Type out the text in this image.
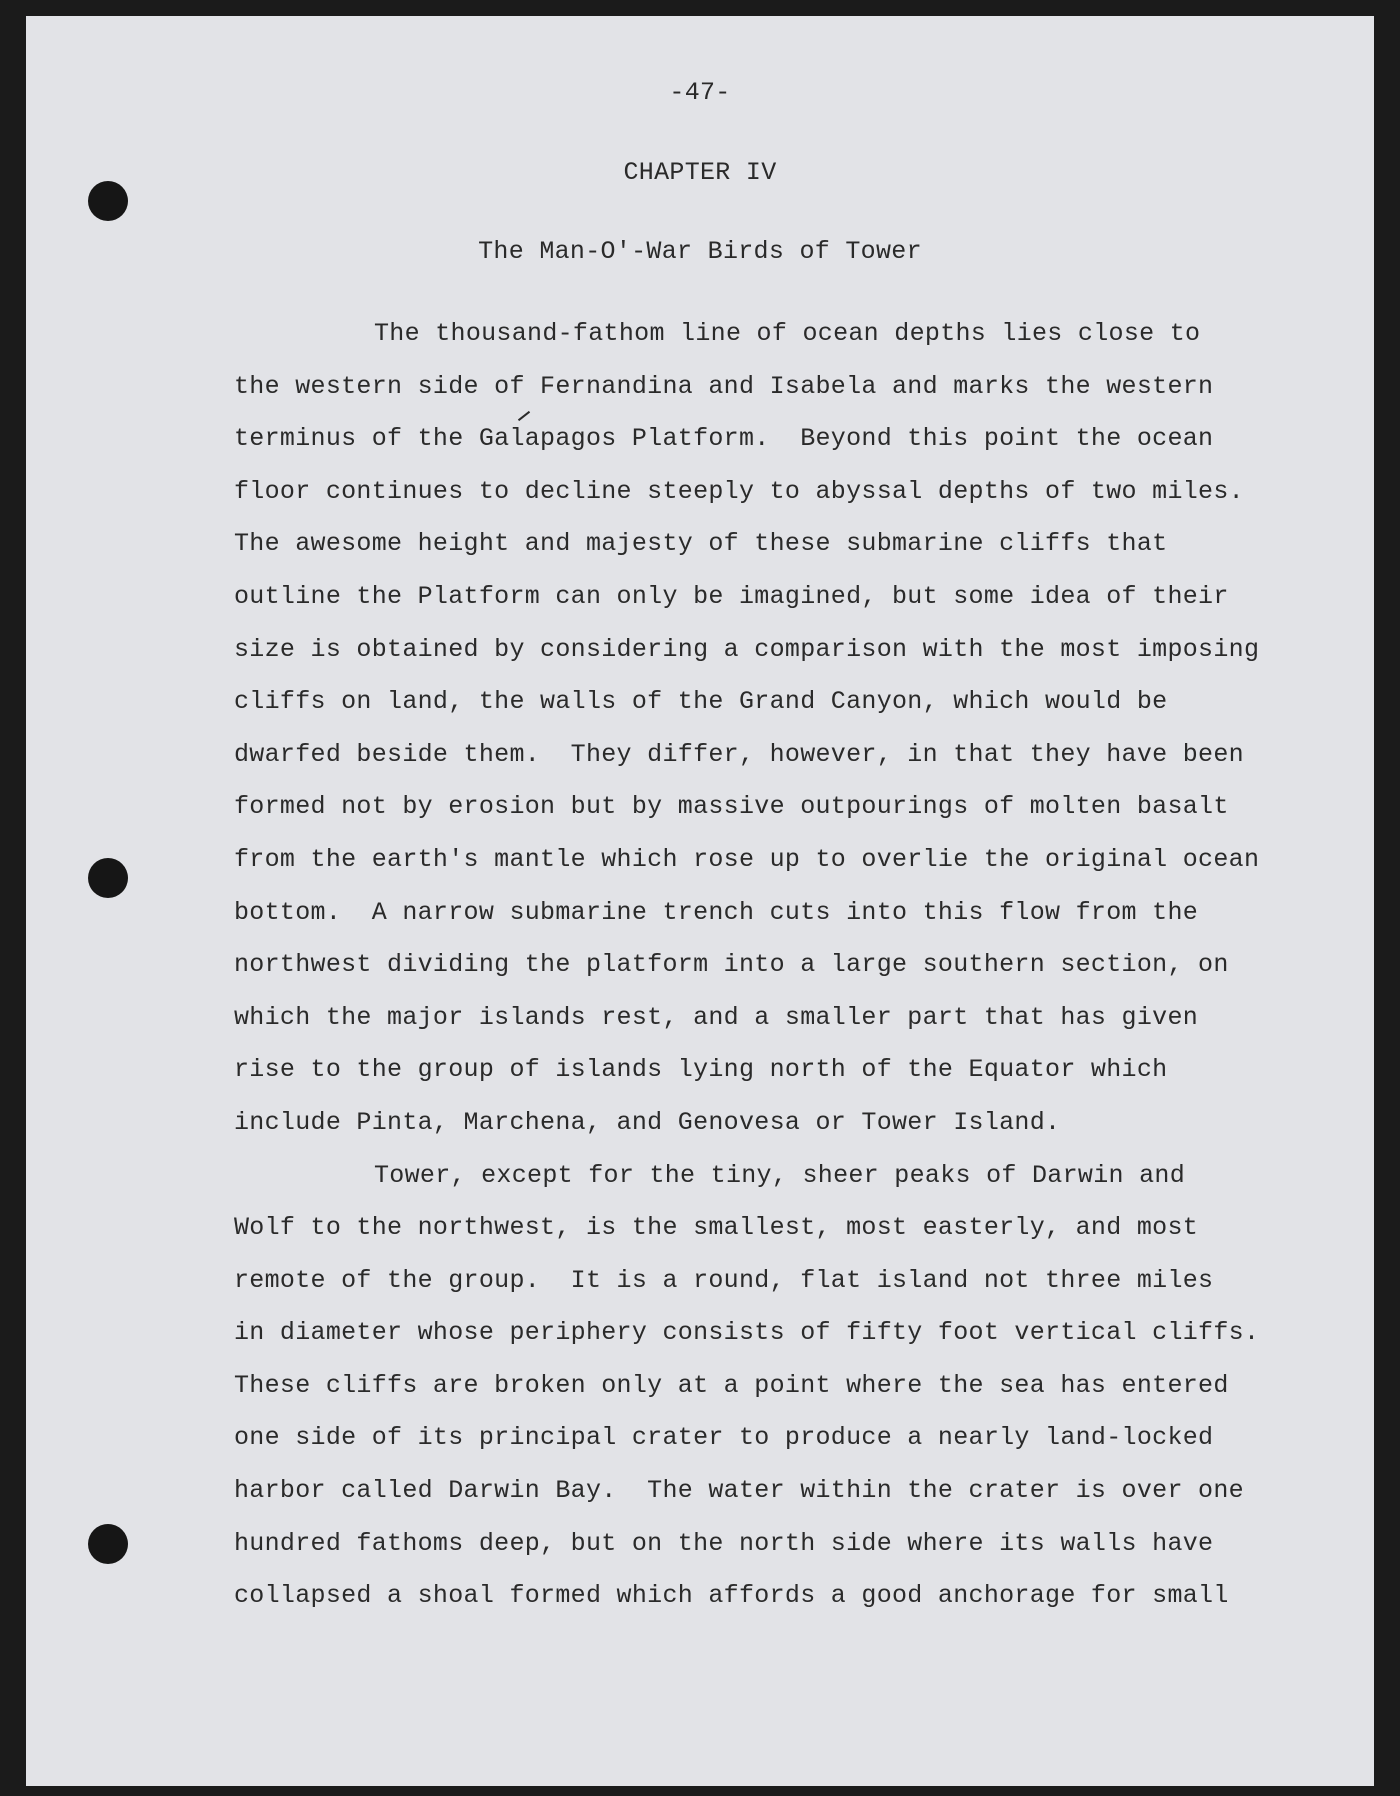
-47-
CHAPTER IV
The Man-O'-War Birds of Tower
The thousand-fathom line of ocean depths lies close to
the western side of Fernandina and Isabela and marks the western
terminus of the Galapagos Platform.  Beyond this point the ocean
floor continues to decline steeply to abyssal depths of two miles.
The awesome height and majesty of these submarine cliffs that
outline the Platform can only be imagined, but some idea of their
size is obtained by considering a comparison with the most imposing
cliffs on land, the walls of the Grand Canyon, which would be
dwarfed beside them.  They differ, however, in that they have been
formed not by erosion but by massive outpourings of molten basalt
from the earth's mantle which rose up to overlie the original ocean
bottom.  A narrow submarine trench cuts into this flow from the
northwest dividing the platform into a large southern section, on
which the major islands rest, and a smaller part that has given
rise to the group of islands lying north of the Equator which
include Pinta, Marchena, and Genovesa or Tower Island.
Tower, except for the tiny, sheer peaks of Darwin and
Wolf to the northwest, is the smallest, most easterly, and most
remote of the group.  It is a round, flat island not three miles
in diameter whose periphery consists of fifty foot vertical cliffs.
These cliffs are broken only at a point where the sea has entered
one side of its principal crater to produce a nearly land-locked
harbor called Darwin Bay.  The water within the crater is over one
hundred fathoms deep, but on the north side where its walls have
collapsed a shoal formed which affords a good anchorage for small
